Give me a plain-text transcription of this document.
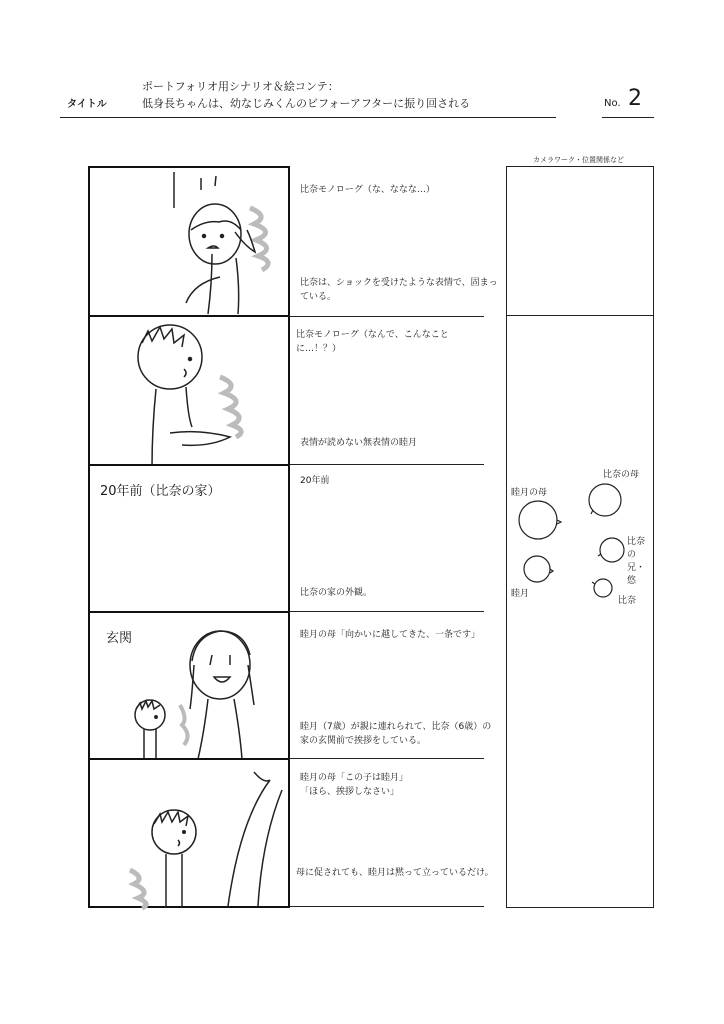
タイトル
ポートフォリオ用シナリオ＆絵コンテ：
低身長ちゃんは、幼なじみくんのビフォーアフターに振り回される	No. 2
カメラワーク・位置関係など
比奈モノローグ（な、ななな…）
比奈は、ショックを受けたような表情で、固まっている。
比奈モノローグ（なんで、こんなことに…！？）
表情が読めない無表情の睦月
20年前（比奈の家）
20年前
比奈の家の外観。
比奈の母
睦月の母
比奈の兄・
悠
睦月
比奈
玄関	睦月の母「向かいに越してきた、一条です」
睦月（7歳）が親に連れられて、比奈（6歳）の家の玄関前で挨拶をしている。
睦月の母「この子は睦月」
「ほら、挨拶しなさい」
母に促されても、睦月は黙って立っているだけ。
